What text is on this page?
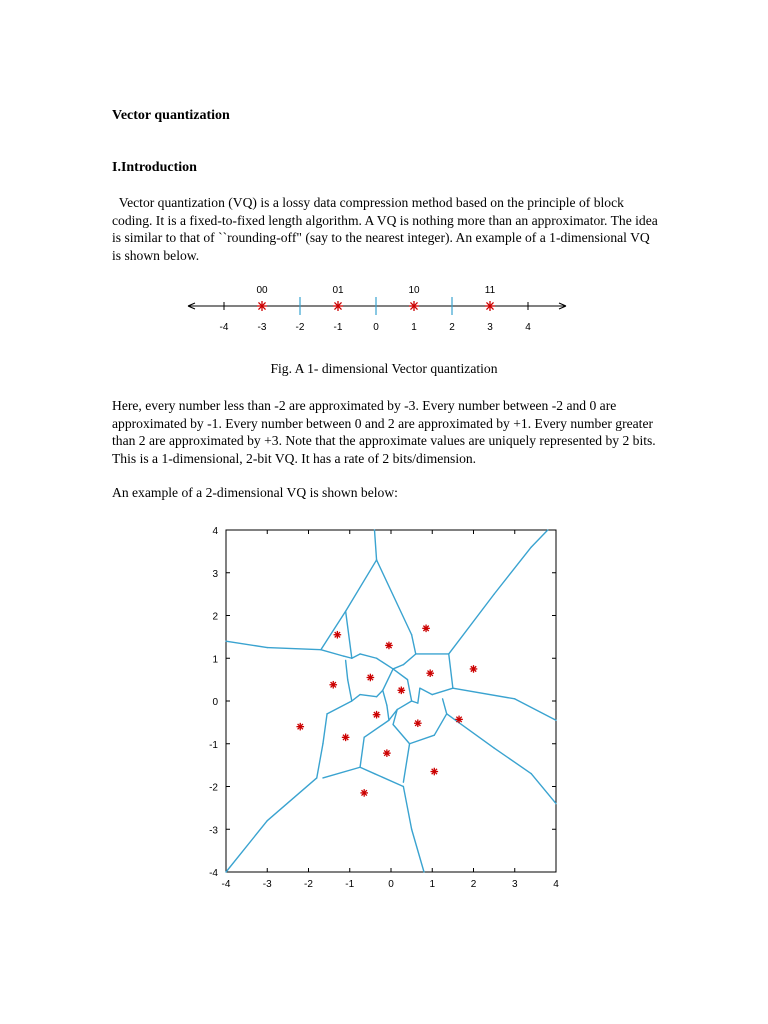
Vector quantization
I.Introduction
Vector quantization (VQ) is a lossy data compression method based on the principle of block coding. It is a fixed-to-fixed length algorithm. A VQ is nothing more than an approximator. The idea is similar to that of ``rounding-off" (say to the nearest integer). An example of a 1-dimensional VQ is shown below.
-4	-3	-2	-1	0	1	2	3	4
00	01	10	11
Fig. A 1- dimensional Vector quantization
Here, every number less than -2 are approximated by -3. Every number between -2 and 0 are approximated by -1. Every number between 0 and 2 are approximated by +1. Every number greater than 2 are approximated by +3. Note that the approximate values are uniquely represented by 2 bits. This is a 1-dimensional, 2-bit VQ. It has a rate of 2 bits/dimension.
An example of a 2-dimensional VQ is shown below:
-4	-3	-2	-1	0	1	2	3	4
-4
-3
-2
-1
0
1
2
3
4
